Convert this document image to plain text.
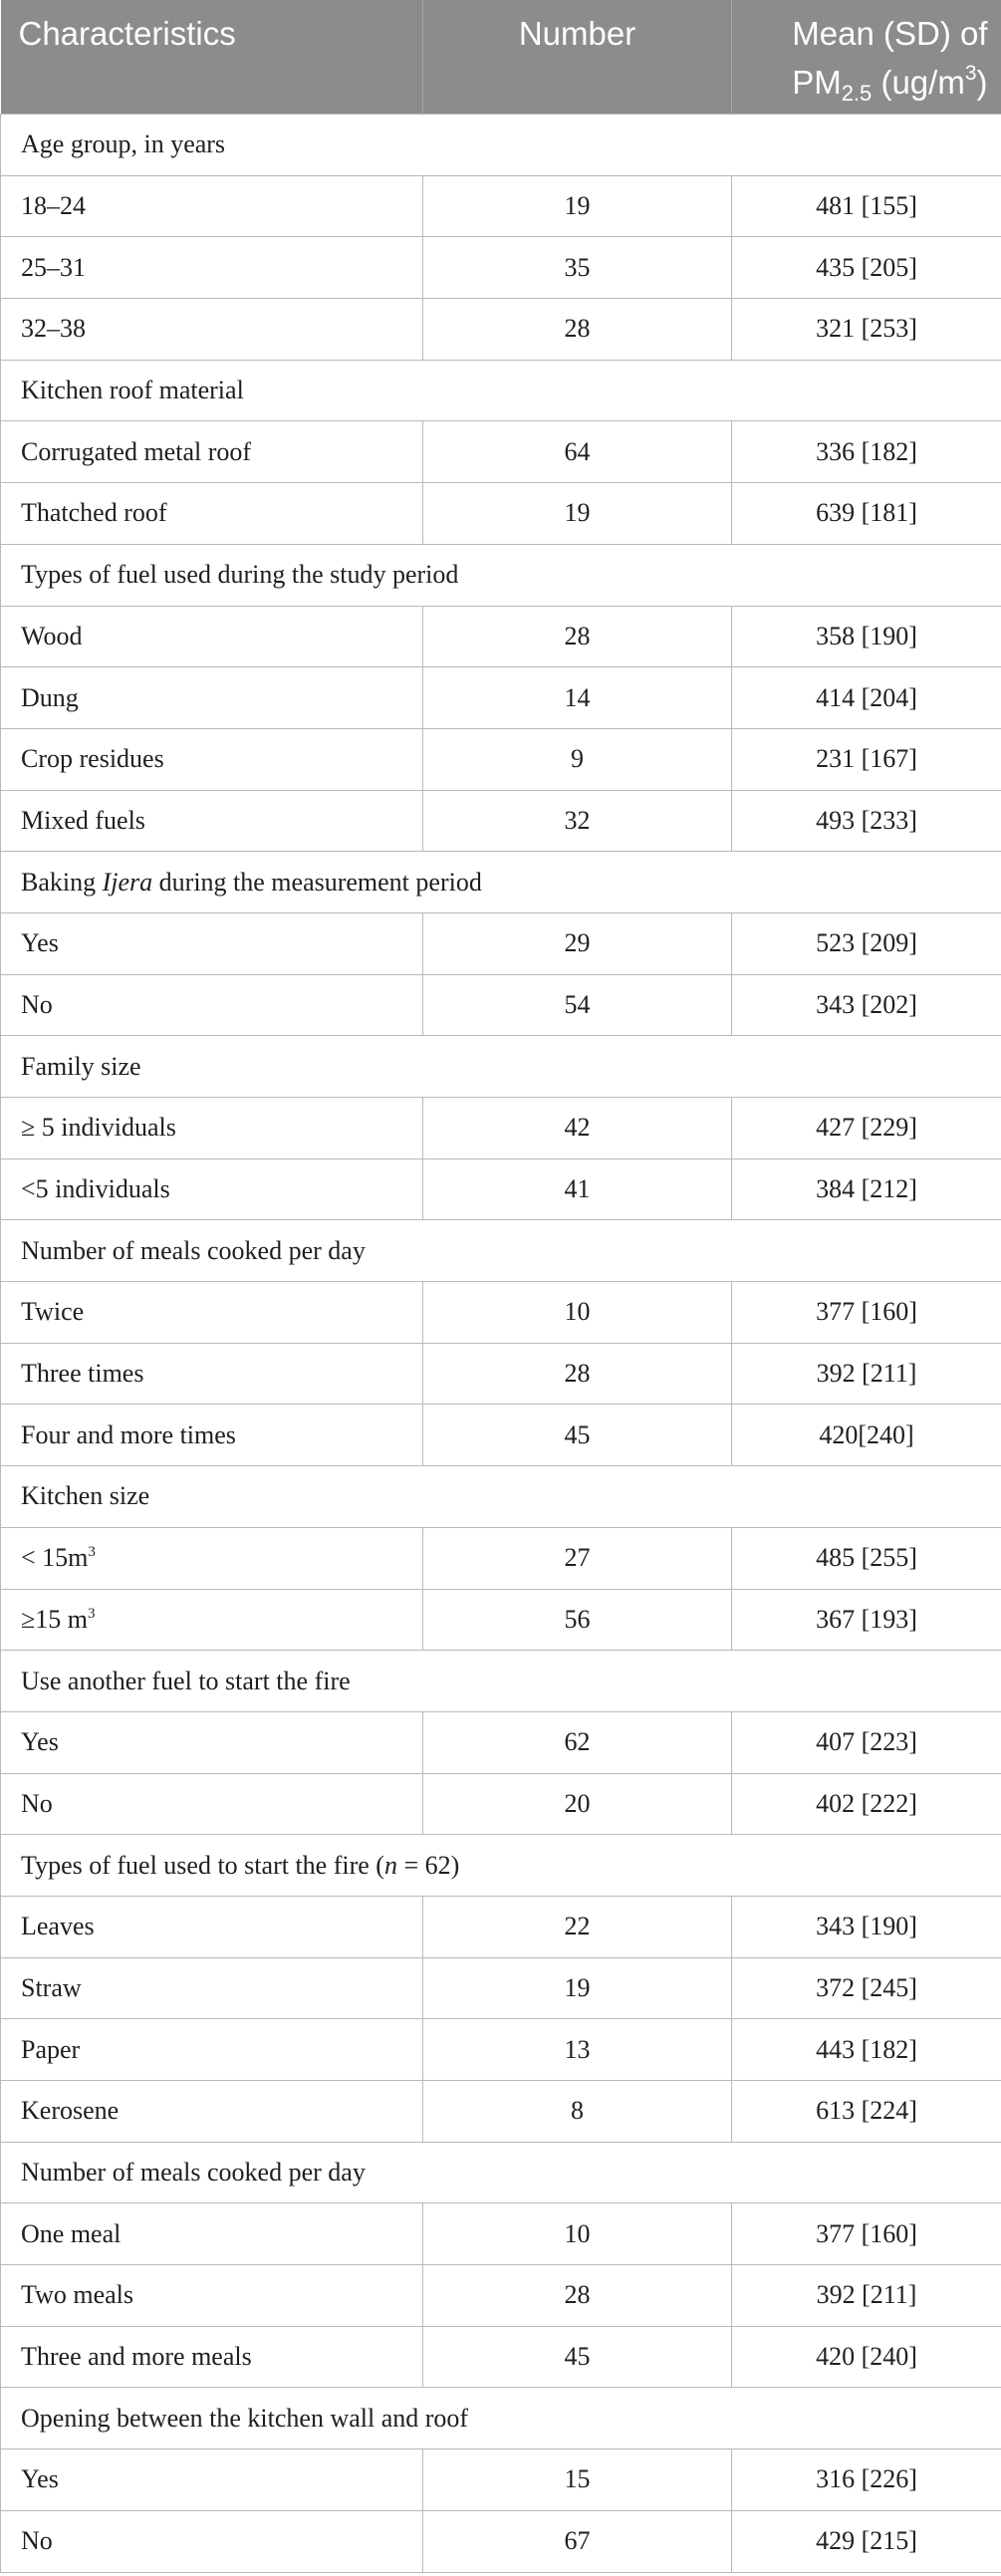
Characteristics	Number	Mean (SD) of
$PM_{2.5}$ $(ug/m^3)$
Age group, in years		
18–24	19	481 [155]
25–31	35	435 [205]
32–38	28	321 [253]
Kitchen roof material		
Corrugated metal roof	64	336 [182]
Thatched roof	19	639 [181]
Types of fuel used during the study period		
Wood	28	358 [190]
Dung	14	414 [204]
Crop residues	9	231 [167]
Mixed fuels	32	493 [233]
Baking Ijera during the measurement period		
Yes	29	523 [209]
No	54	343 [202]
Family size		
≥ 5 individuals	42	427 [229]
<5 individuals	41	384 [212]
Number of meals cooked per day		
Twice	10	377 [160]
Three times	28	392 [211]
Four and more times	45	420[240]
Kitchen size		
< $15m^3$	27	485 [255]
≥15 $m^3$	56	367 [193]
Use another fuel to start the fire		
Yes	62	407 [223]
No	20	402 [222]
Types of fuel used to start the fire (n = 62)		
Leaves	22	343 [190]
Straw	19	372 [245]
Paper	13	443 [182]
Kerosene	8	613 [224]
Number of meals cooked per day		
One meal	10	377 [160]
Two meals	28	392 [211]
Three and more meals	45	420 [240]
Opening between the kitchen wall and roof		
Yes	15	316 [226]
No	67	429 [215]
